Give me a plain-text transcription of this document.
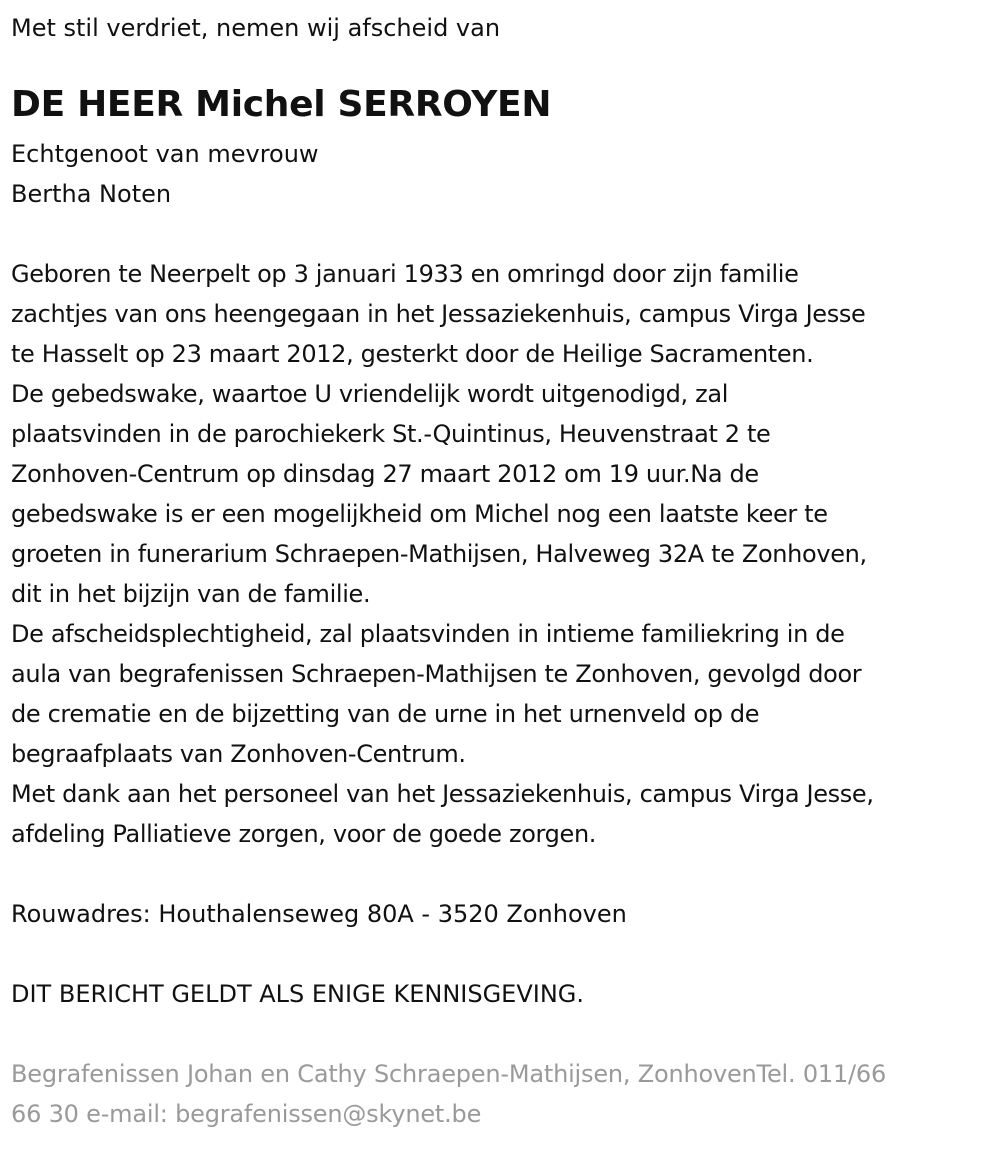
Met stil verdriet, nemen wij afscheid van
DE HEER Michel SERROYEN
Echtgenoot van mevrouw
Bertha Noten
Geboren te Neerpelt op 3 januari 1933 en omringd door zijn familie
zachtjes van ons heengegaan in het Jessaziekenhuis, campus Virga Jesse
te Hasselt op 23 maart 2012, gesterkt door de Heilige Sacramenten.
De gebedswake, waartoe U vriendelijk wordt uitgenodigd, zal
plaatsvinden in de parochiekerk St.-Quintinus, Heuvenstraat 2 te
Zonhoven-Centrum op dinsdag 27 maart 2012 om 19 uur.Na de
gebedswake is er een mogelijkheid om Michel nog een laatste keer te
groeten in funerarium Schraepen-Mathijsen, Halveweg 32A te Zonhoven,
dit in het bijzijn van de familie.
De afscheidsplechtigheid, zal plaatsvinden in intieme familiekring in de
aula van begrafenissen Schraepen-Mathijsen te Zonhoven, gevolgd door
de crematie en de bijzetting van de urne in het urnenveld op de
begraafplaats van Zonhoven-Centrum.
Met dank aan het personeel van het Jessaziekenhuis, campus Virga Jesse,
afdeling Palliatieve zorgen, voor de goede zorgen.
Rouwadres: Houthalenseweg 80A - 3520 Zonhoven
DIT BERICHT GELDT ALS ENIGE KENNISGEVING.
Begrafenissen Johan en Cathy Schraepen-Mathijsen, ZonhovenTel. 011/66
66 30 e-mail: begrafenissen@skynet.be
